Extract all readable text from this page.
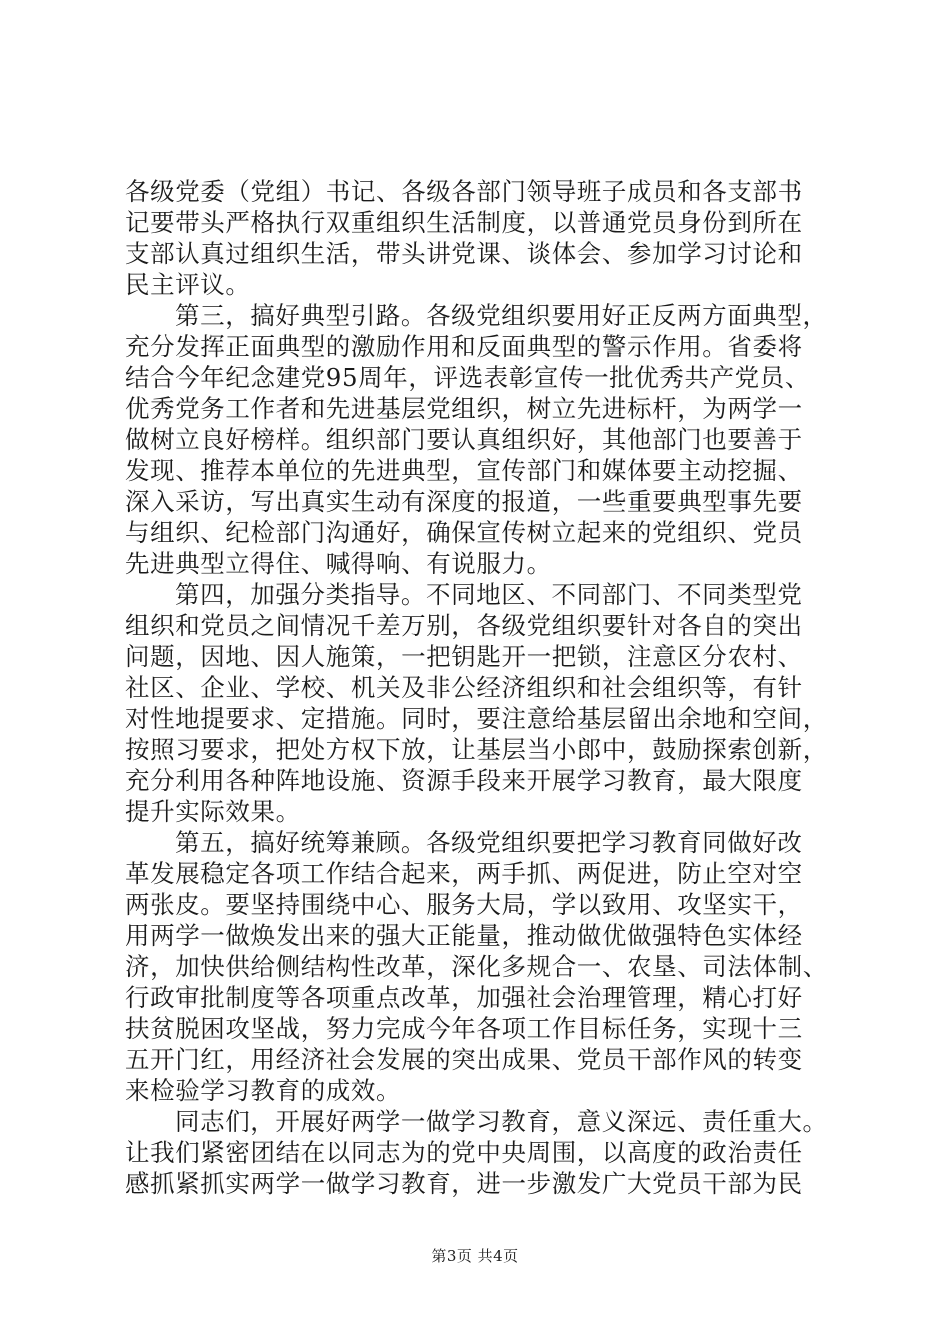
各级党委（党组）书记、各级各部门领导班子成员和各支部书
记要带头严格执行双重组织生活制度，以普通党员身份到所在
支部认真过组织生活，带头讲党课、谈体会、参加学习讨论和
民主评议。
第三，搞好典型引路。各级党组织要用好正反两方面典型，
充分发挥正面典型的激励作用和反面典型的警示作用。省委将
结合今年纪念建党95周年，评选表彰宣传一批优秀共产党员、
优秀党务工作者和先进基层党组织，树立先进标杆，为两学一
做树立良好榜样。组织部门要认真组织好，其他部门也要善于
发现、推荐本单位的先进典型，宣传部门和媒体要主动挖掘、
深入采访，写出真实生动有深度的报道，一些重要典型事先要
与组织、纪检部门沟通好，确保宣传树立起来的党组织、党员
先进典型立得住、喊得响、有说服力。
第四，加强分类指导。不同地区、不同部门、不同类型党
组织和党员之间情况千差万别，各级党组织要针对各自的突出
问题，因地、因人施策，一把钥匙开一把锁，注意区分农村、
社区、企业、学校、机关及非公经济组织和社会组织等，有针
对性地提要求、定措施。同时，要注意给基层留出余地和空间，
按照习要求，把处方权下放，让基层当小郎中，鼓励探索创新，
充分利用各种阵地设施、资源手段来开展学习教育，最大限度
提升实际效果。
第五，搞好统筹兼顾。各级党组织要把学习教育同做好改
革发展稳定各项工作结合起来，两手抓、两促进，防止空对空
两张皮。要坚持围绕中心、服务大局，学以致用、攻坚实干，
用两学一做焕发出来的强大正能量，推动做优做强特色实体经
济，加快供给侧结构性改革，深化多规合一、农垦、司法体制、
行政审批制度等各项重点改革，加强社会治理管理，精心打好
扶贫脱困攻坚战，努力完成今年各项工作目标任务，实现十三
五开门红，用经济社会发展的突出成果、党员干部作风的转变
来检验学习教育的成效。
同志们，开展好两学一做学习教育，意义深远、责任重大。
让我们紧密团结在以同志为的党中央周围，以高度的政治责任
感抓紧抓实两学一做学习教育，进一步激发广大党员干部为民
第3页 共4页
